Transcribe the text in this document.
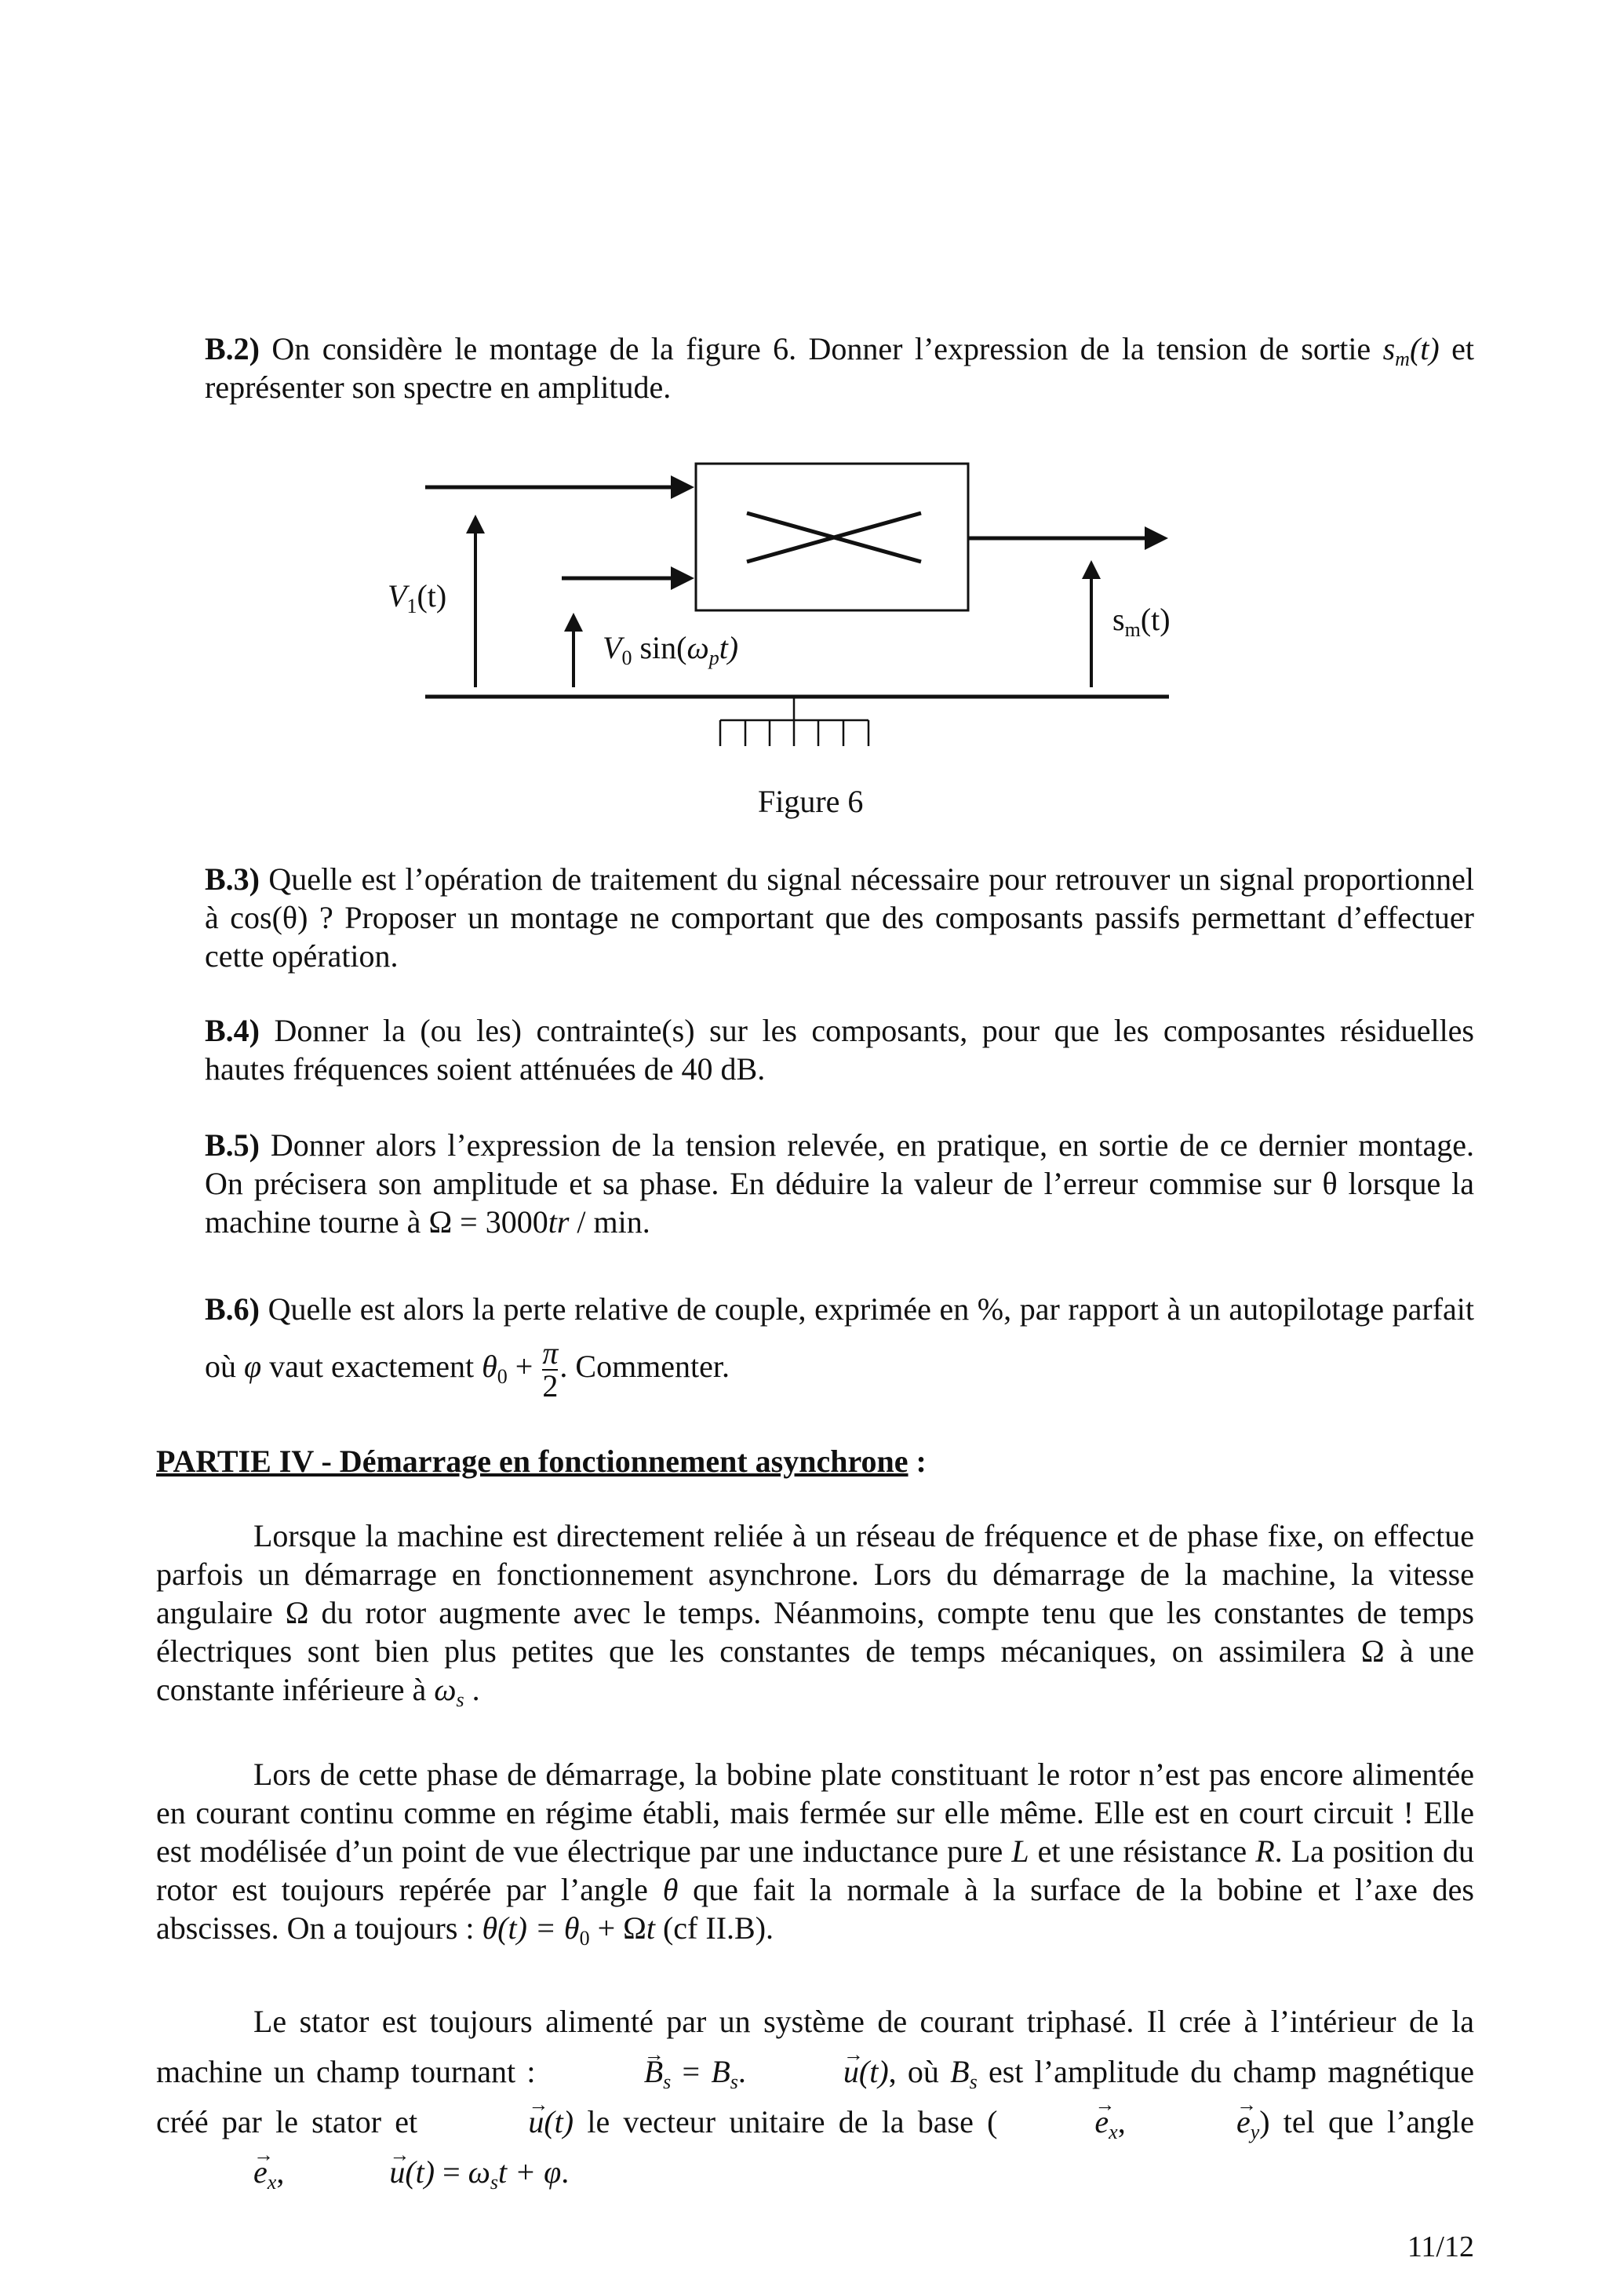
B.2) On considère le montage de la figure 6. Donner l’expression de la tension de sortie $s_m(t)$ et représenter son spectre en amplitude.
$V_1(t)$
$V_0$ $\sin(\omega_pt)$
$s_m(t)$
Figure 6
B.3) Quelle est l’opération de traitement du signal nécessaire pour retrouver un signal proportionnel à cos(θ) ? Proposer un montage ne comportant que des composants passifs permettant d’effectuer cette opération.
B.4) Donner la (ou les) contrainte(s) sur les composants, pour que les composantes résiduelles hautes fréquences soient atténuées de 40 dB.
B.5) Donner alors l’expression de la tension relevée, en pratique, en sortie de ce dernier montage. On précisera son amplitude et sa phase. En déduire la valeur de l’erreur commise sur θ lorsque la machine tourne à Ω = 3000tr / min.
B.6) Quelle est alors la perte relative de couple, exprimée en %, par rapport à un autopilotage parfait où φ vaut exactement $\theta_0 + \frac{\pi}{2}$ . Commenter.
PARTIE IV - Démarrage en fonctionnement asynchrone :
Lorsque la machine est directement reliée à un réseau de fréquence et de phase fixe, on effectue parfois un démarrage en fonctionnement asynchrone. Lors du démarrage de la machine, la vitesse angulaire Ω du rotor augmente avec le temps. Néanmoins, compte tenu que les constantes de temps électriques sont bien plus petites que les constantes de temps mécaniques, on assimilera Ω à une constante inférieure à $\omega_s$ .
Lors de cette phase de démarrage, la bobine plate constituant le rotor n’est pas encore alimentée en courant continu comme en régime établi, mais fermée sur elle même. Elle est en court circuit ! Elle est modélisée d’un point de vue électrique par une inductance pure L et une résistance R. La position du rotor est toujours repérée par l’angle θ que fait la normale à la surface de la bobine et l’axe des abscisses. On a toujours : $\theta(t) = \theta_0 + \Omega t$ (cf II.B).
Le stator est toujours alimenté par un système de courant triphasé. Il crée à l’intérieur de la machine un champ tournant :	→ $B_s = B_s$.	→ u(t), où $B_s$ est l’amplitude du champ magnétique créé par le stator et	→ u(t) le vecteur unitaire de la base (	→ $e_x$,	→ $e_y$) tel que l’angle → $e_x$,	→ $u(t) = \omega_st + \varphi$.
11/12
